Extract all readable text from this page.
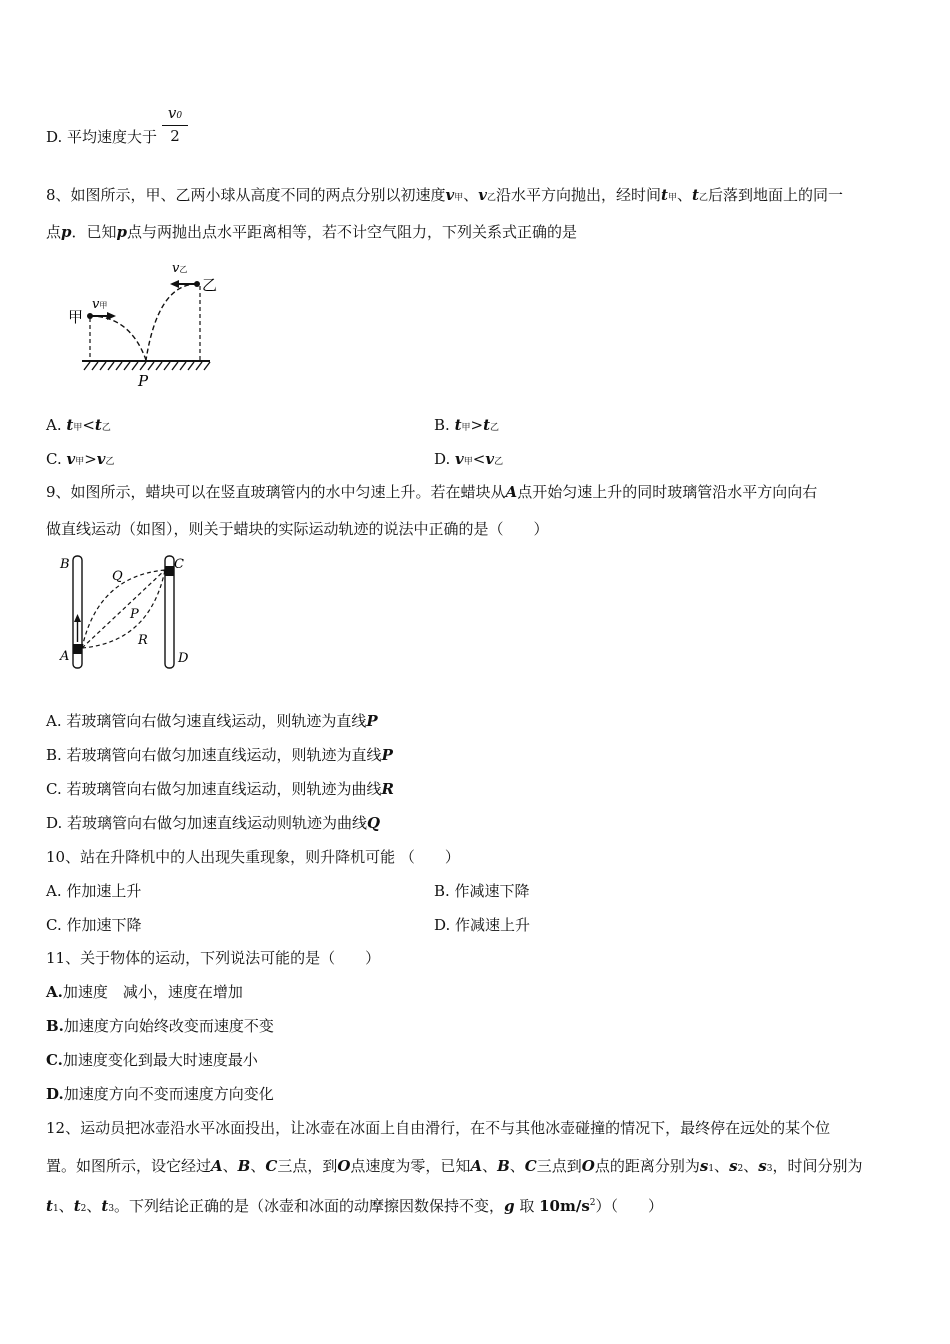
D. 平均速度大于 $\frac{v0}{2}$
8、如图所示，甲、乙两小球从高度不同的两点分别以初速度v甲、v乙沿水平方向抛出，经时间t甲、t乙后落到地面上的同一
点p．已知p点与两抛出点水平距离相等，若不计空气阻力，下列关系式正确的是
v乙
乙
甲
v甲
P
A. t甲<t乙	B. t甲>t乙
C. v甲>v乙	D. v甲<v乙
9、如图所示，蜡块可以在竖直玻璃管内的水中匀速上升。若在蜡块从A点开始匀速上升的同时玻璃管沿水平方向向右
做直线运动（如图），则关于蜡块的实际运动轨迹的说法中正确的是（　　）
B	C
Q
P
R
A	D
A. 若玻璃管向右做匀速直线运动，则轨迹为直线P
B. 若玻璃管向右做匀加速直线运动，则轨迹为直线P
C. 若玻璃管向右做匀加速直线运动，则轨迹为曲线R
D. 若玻璃管向右做匀加速直线运动则轨迹为曲线Q
10、站在升降机中的人出现失重现象，则升降机可能 （　　）
A. 作加速上升	B. 作减速下降
C. 作加速下降	D. 作减速上升
11、关于物体的运动，下列说法可能的是（　　）
A.加速度　减小，速度在增加
B.加速度方向始终改变而速度不变
C.加速度变化到最大时速度最小
D.加速度方向不变而速度方向变化
12、运动员把冰壶沿水平冰面投出，让冰壶在冰面上自由滑行，在不与其他冰壶碰撞的情况下，最终停在远处的某个位
置。如图所示，设它经过A、B、C三点，到O点速度为零，已知A、B、C三点到O点的距离分别为s1、s2、s3，时间分别为
t1、t2、t3。下列结论正确的是（冰壶和冰面的动摩擦因数保持不变，g 取 $10m/s^2$）（　　）
